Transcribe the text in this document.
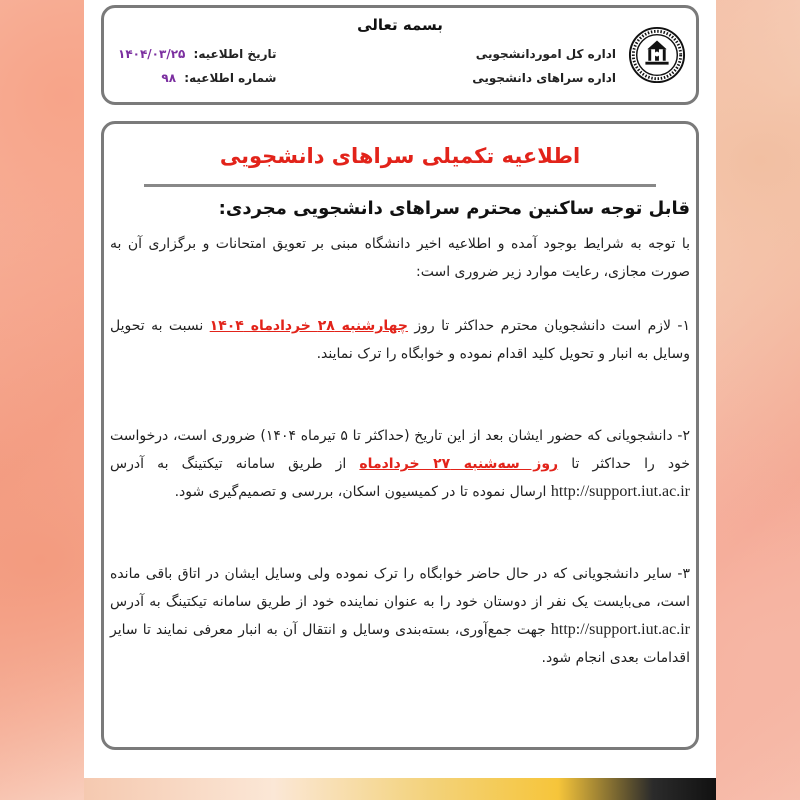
بسمه تعالی
اداره کل اموردانشجویی
اداره سراهای دانشجویی
تاریخ اطلاعیه: ۱۴۰۴/۰۳/۲۵
شماره اطلاعیه: ۹۸
اطلاعیه تکمیلی سراهای دانشجویی
قابل توجه ساکنین محترم سراهای دانشجویی مجردی:
با توجه به شرایط بوجود آمده و اطلاعیه اخیر دانشگاه مبنی بر تعویق امتحانات و برگزاری آن به صورت مجازی، رعایت موارد زیر ضروری است:
۱- لازم است دانشجویان محترم حداکثر تا روز چهارشنبه ۲۸ خردادماه ۱۴۰۴ نسبت به تحویل وسایل به انبار و تحویل کلید اقدام نموده و خوابگاه را ترک نمایند.
۲- دانشجویانی که حضور ایشان بعد از این تاریخ (حداکثر تا ۵ تیرماه ۱۴۰۴) ضروری است، درخواست خود را حداکثر تا روز سه‌شنبه ۲۷ خردادماه از طریق سامانه تیکتینگ به آدرس http://support.iut.ac.ir ارسال نموده تا در کمیسیون اسکان، بررسی و تصمیم‌گیری شود.
۳- سایر دانشجویانی که در حال حاضر خوابگاه را ترک نموده ولی وسایل ایشان در اتاق باقی مانده است، می‌بایست یک نفر از دوستان خود را به عنوان نماینده خود از طریق سامانه تیکتینگ به آدرس http://support.iut.ac.ir جهت جمع‌آوری، بسته‌بندی وسایل و انتقال آن به انبار معرفی نمایند تا سایر اقدامات بعدی انجام شود.
